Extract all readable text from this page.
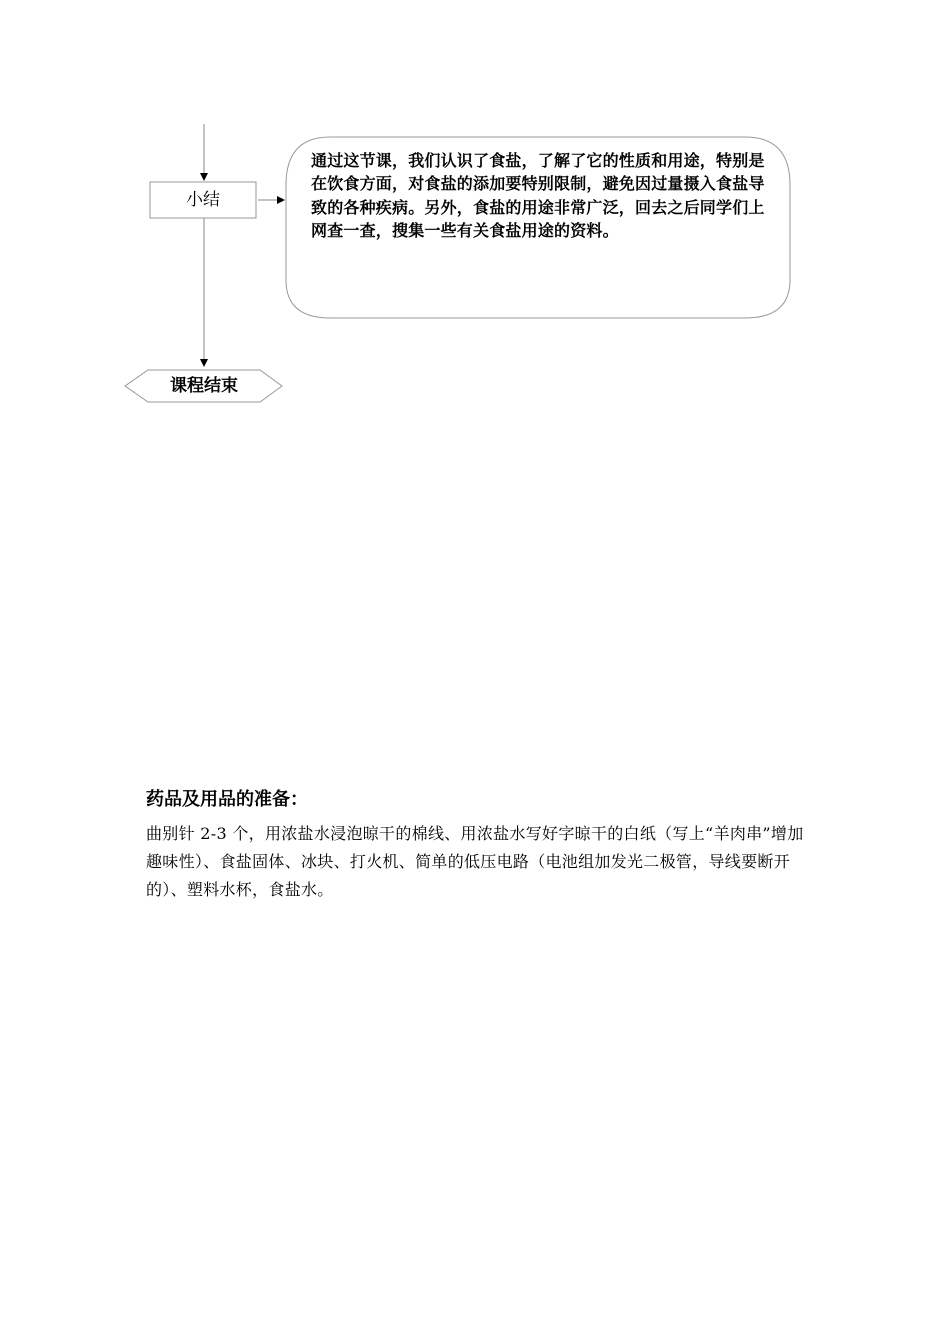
小结
通过这节课，我们认识了食盐，了解了它的性质和用途，特别是在饮食方面，对食盐的添加要特别限制，避免因过量摄入食盐导致的各种疾病。另外，食盐的用途非常广泛，回去之后同学们上网查一查，搜集一些有关食盐用途的资料。
课程结束
药品及用品的准备：
曲别针 2-3 个，用浓盐水浸泡晾干的棉线、用浓盐水写好字晾干的白纸（写上“羊肉串”增加趣味性）、食盐固体、冰块、打火机、简单的低压电路（电池组加发光二极管，导线要断开的）、塑料水杯，食盐水。
